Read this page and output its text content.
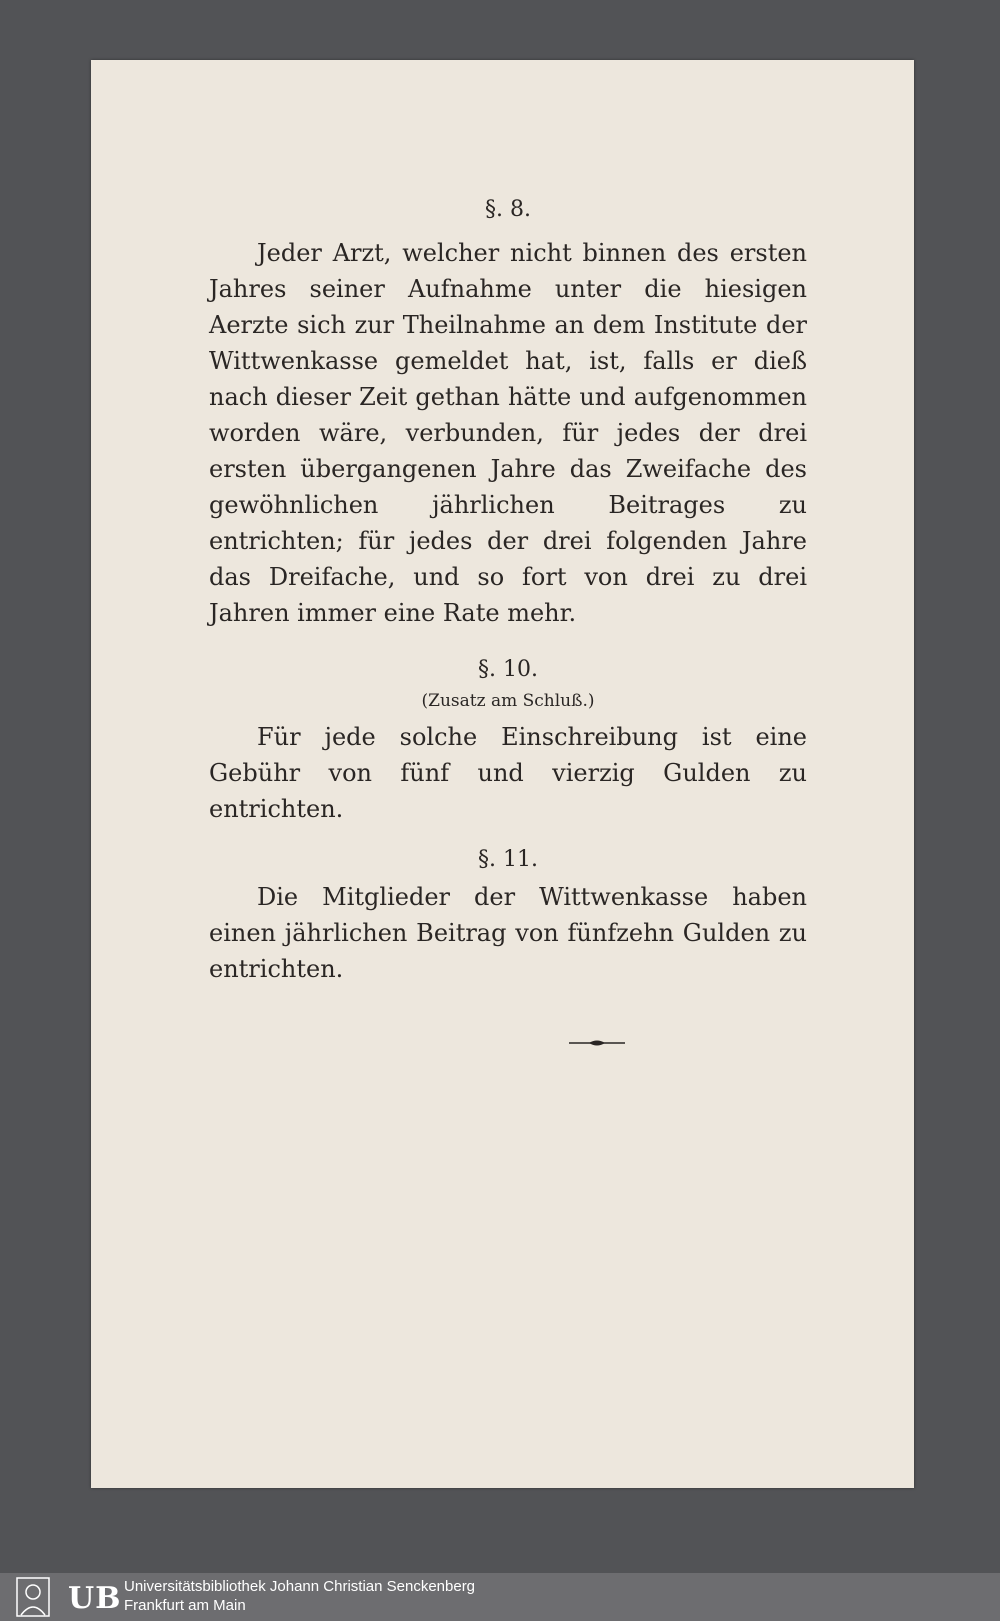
§. 8.

Jeder Arzt, welcher nicht binnen des ersten Jahres seiner Aufnahme unter die hiesigen Aerzte sich zur Theilnahme an dem Institute der Wittwenkasse gemeldet hat, ist, falls er dieß nach dieser Zeit gethan hätte und aufgenommen worden wäre, verbunden, für jedes der drei ersten übergangenen Jahre das Zweifache des gewöhnlichen jährlichen Beitrages zu entrichten; für jedes der drei folgenden Jahre das Dreifache, und so fort von drei zu drei Jahren immer eine Rate mehr.

§. 10.

(Zusatz am Schluß.)

Für jede solche Einschreibung ist eine Gebühr von fünf und vierzig Gulden zu entrichten.

§. 11.

Die Mitglieder der Wittwenkasse haben einen jährlichen Beitrag von fünfzehn Gulden zu entrichten.

UB Universitätsbibliothek Johann Christian Senckenberg
Frankfurt am Main
